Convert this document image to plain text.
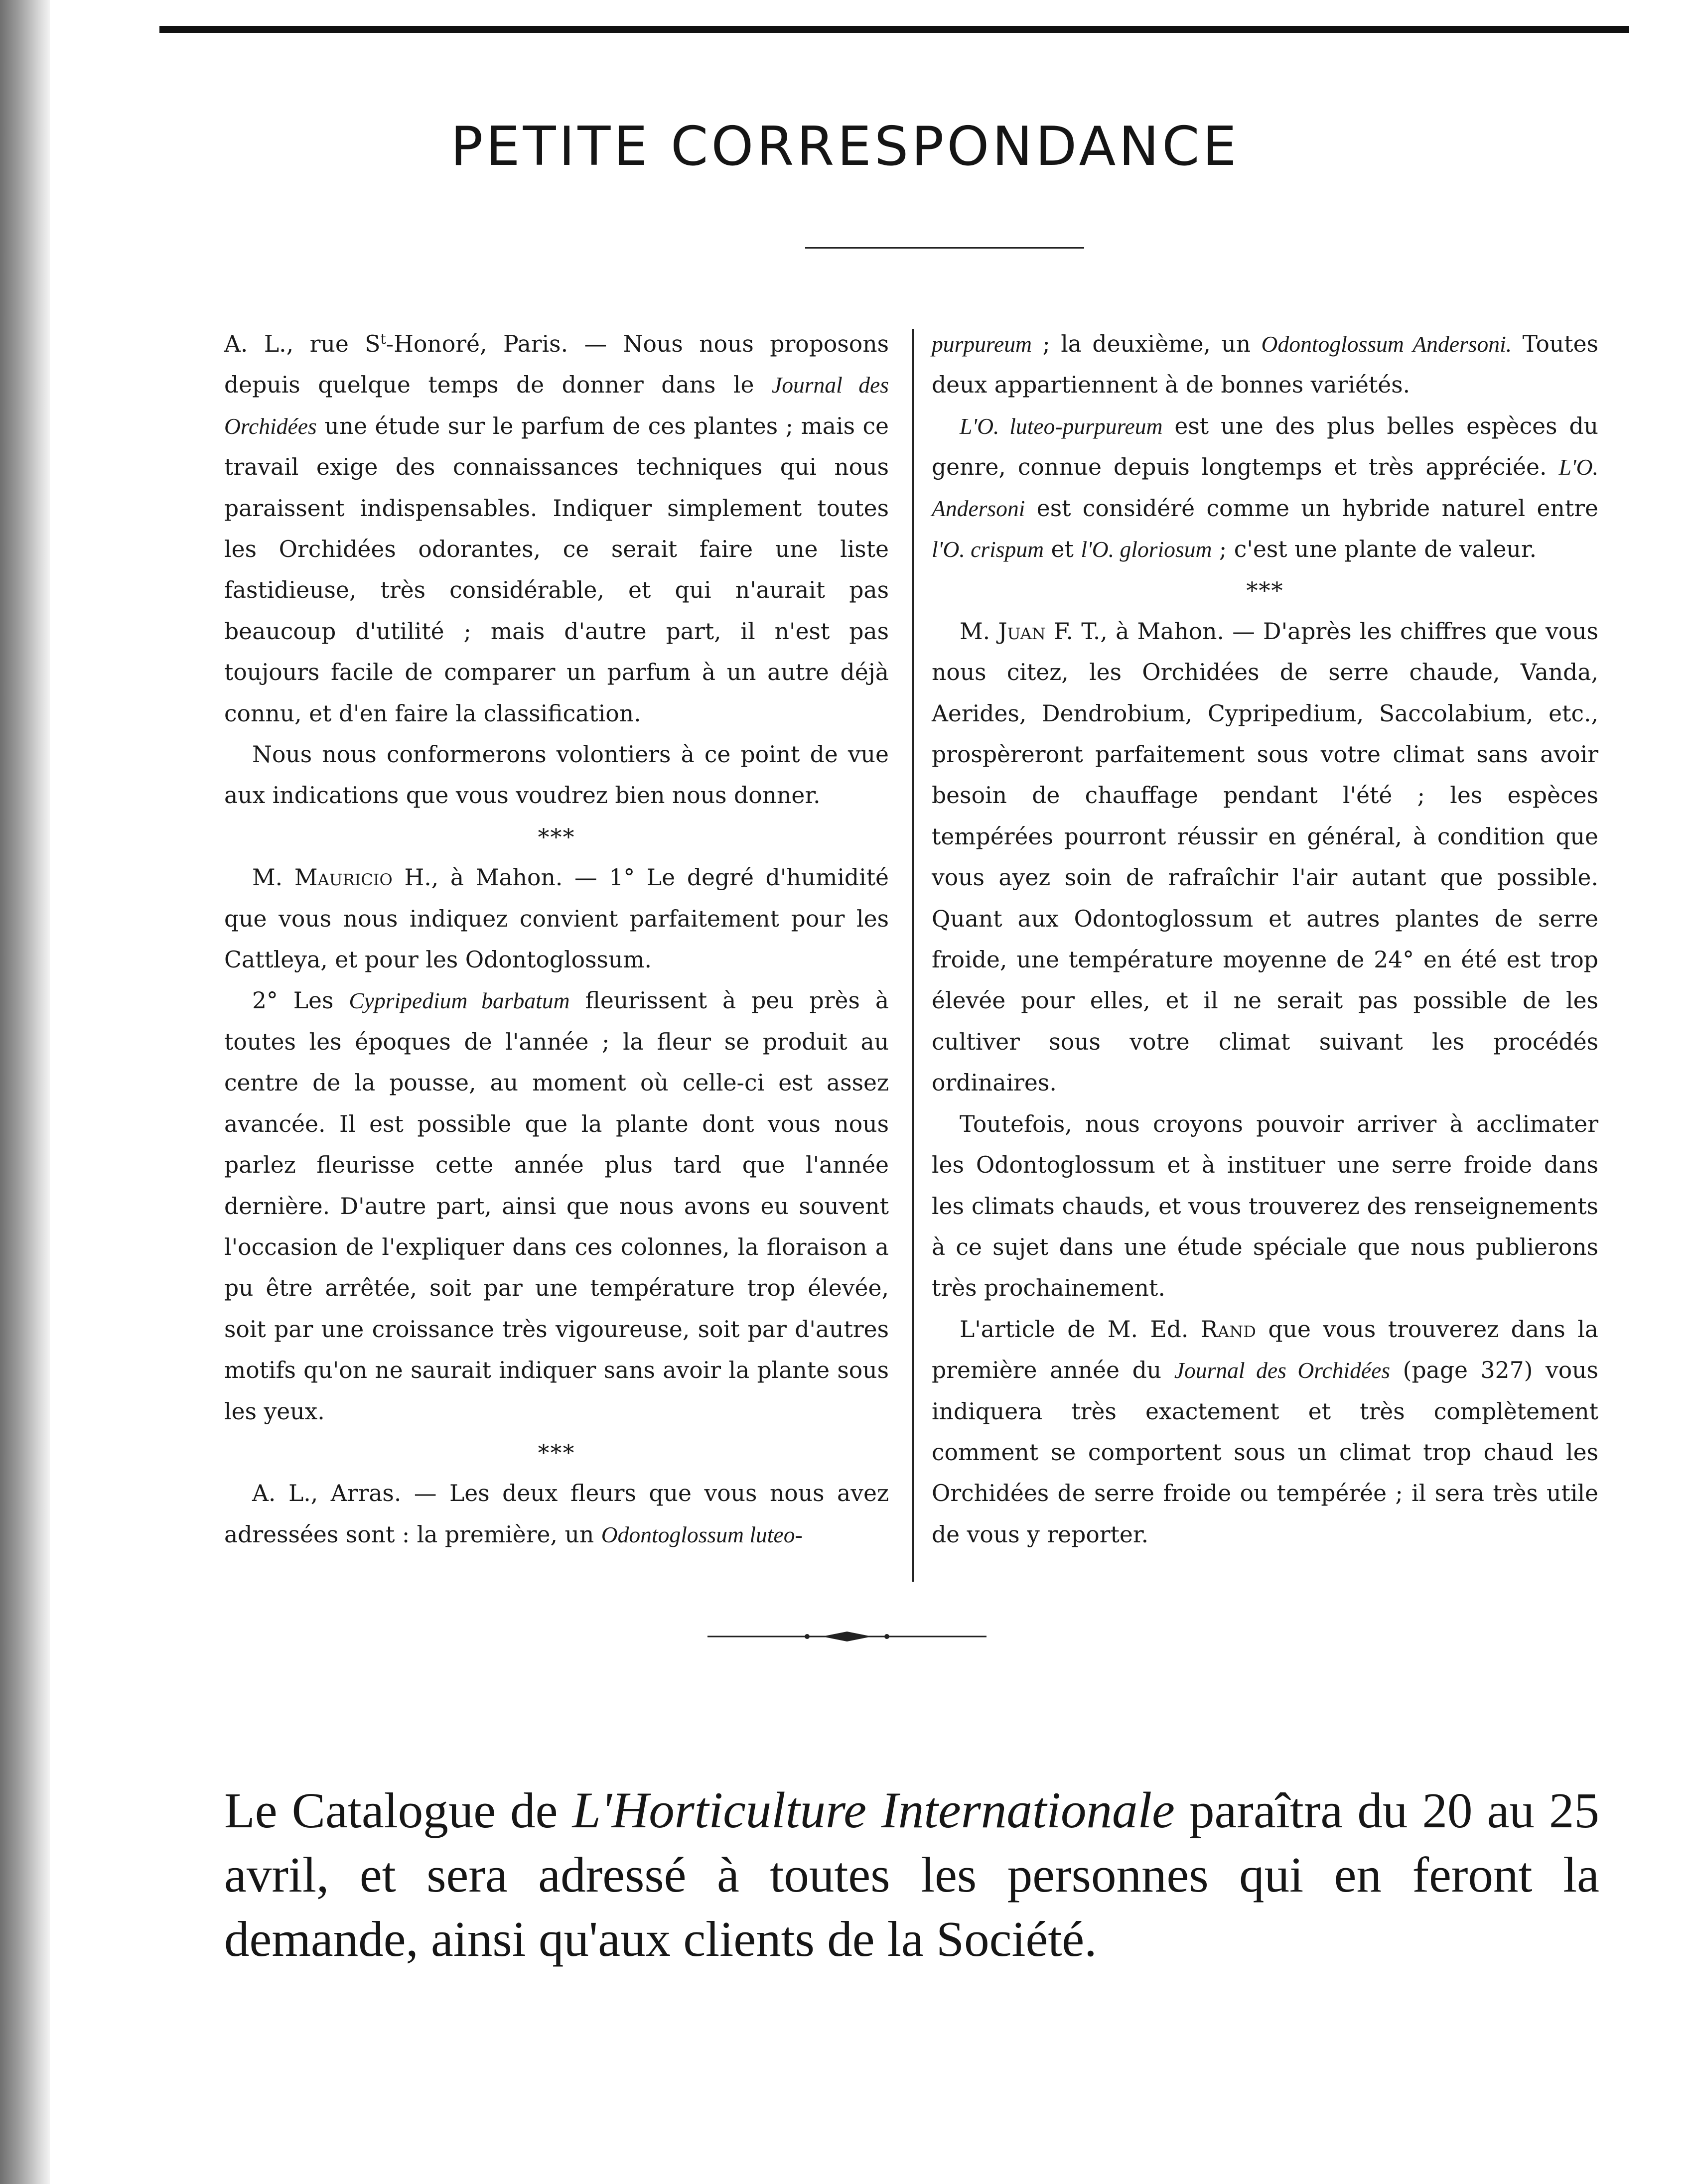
PETITE CORRESPONDANCE

A. L., rue $S^t$-Honoré, Paris. — Nous nous proposons depuis quelque temps de donner dans le Journal des Orchidées une étude sur le parfum de ces plantes ; mais ce travail exige des connaissances techniques qui nous paraissent indispensables. Indiquer simplement toutes les Orchidées odorantes, ce serait faire une liste fastidieuse, très considérable, et qui n'aurait pas beaucoup d'utilité ; mais d'autre part, il n'est pas toujours facile de comparer un parfum à un autre déjà connu, et d'en faire la classification.

Nous nous conformerons volontiers à ce point de vue aux indications que vous voudrez bien nous donner.

***

M. Mauricio H., à Mahon. — 1° Le degré d'humidité que vous nous indiquez convient parfaitement pour les Cattleya, et pour les Odontoglossum.

2° Les Cypripedium barbatum fleurissent à peu près à toutes les époques de l'année ; la fleur se produit au centre de la pousse, au moment où celle-ci est assez avancée. Il est possible que la plante dont vous nous parlez fleurisse cette année plus tard que l'année dernière. D'autre part, ainsi que nous avons eu souvent l'occasion de l'expliquer dans ces colonnes, la floraison a pu être arrêtée, soit par une température trop élevée, soit par une croissance très vigoureuse, soit par d'autres motifs qu'on ne saurait indiquer sans avoir la plante sous les yeux.

***

A. L., Arras. — Les deux fleurs que vous nous avez adressées sont : la première, un Odontoglossum luteo-

purpureum ; la deuxième, un Odontoglossum Andersoni. Toutes deux appartiennent à de bonnes variétés.

L'O. luteo-purpureum est une des plus belles espèces du genre, connue depuis longtemps et très appréciée. L'O. Andersoni est considéré comme un hybride naturel entre l'O. crispum et l'O. gloriosum ; c'est une plante de valeur.

***

M. Juan F. T., à Mahon. — D'après les chiffres que vous nous citez, les Orchidées de serre chaude, Vanda, Aerides, Dendrobium, Cypripedium, Saccolabium, etc., prospèreront parfaitement sous votre climat sans avoir besoin de chauffage pendant l'été ; les espèces tempérées pourront réussir en général, à condition que vous ayez soin de rafraîchir l'air autant que possible. Quant aux Odontoglossum et autres plantes de serre froide, une température moyenne de 24° en été est trop élevée pour elles, et il ne serait pas possible de les cultiver sous votre climat suivant les procédés ordinaires.

Toutefois, nous croyons pouvoir arriver à acclimater les Odontoglossum et à instituer une serre froide dans les climats chauds, et vous trouverez des renseignements à ce sujet dans une étude spéciale que nous publierons très prochainement.

L'article de M. Ed. Rand que vous trouverez dans la première année du Journal des Orchidées (page 327) vous indiquera très exactement et très complètement comment se comportent sous un climat trop chaud les Orchidées de serre froide ou tempérée ; il sera très utile de vous y reporter.

Le Catalogue de L'Horticulture Internationale paraîtra du 20 au 25 avril, et sera adressé à toutes les personnes qui en feront la demande, ainsi qu'aux clients de la Société.
